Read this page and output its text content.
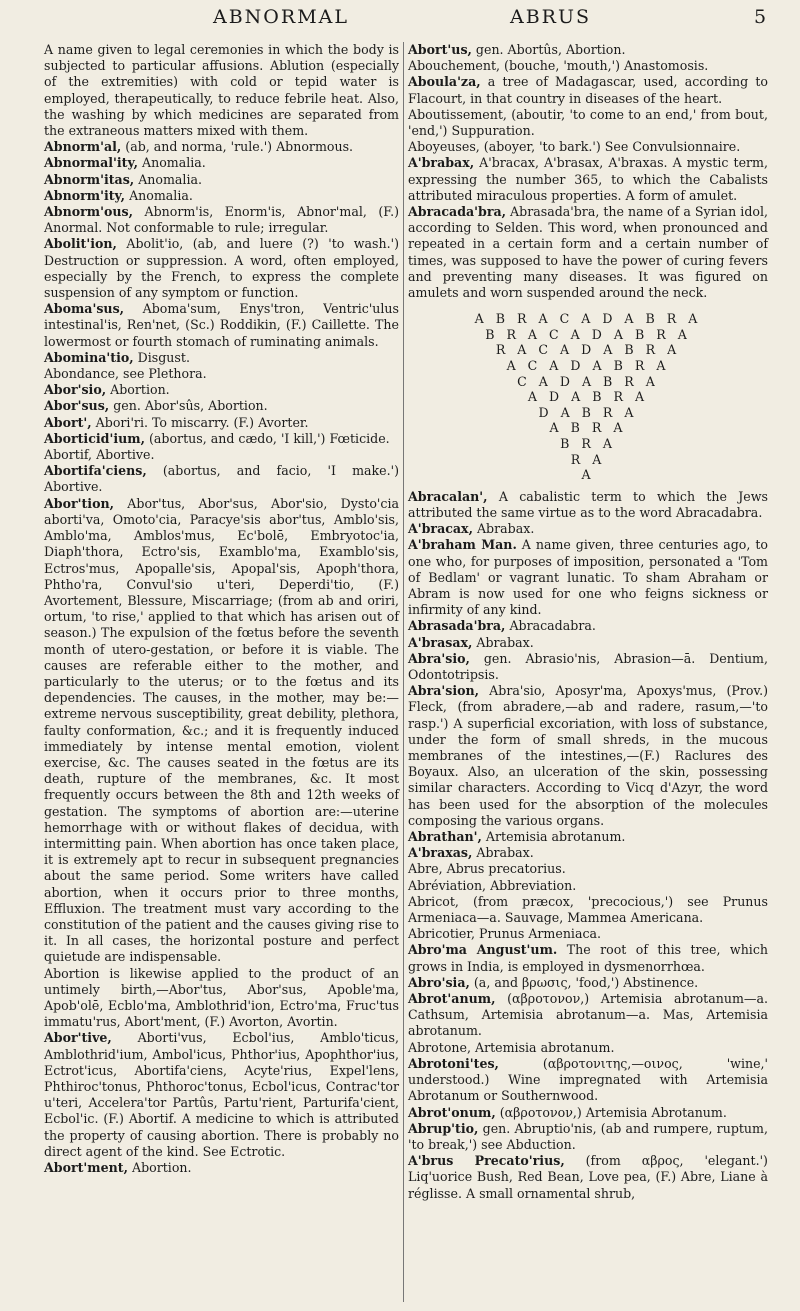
ABNORMAL	ABRUS	5

A name given to legal ceremonies in which the body is subjected to particular affusions. Ablution (especially of the extremities) with cold or tepid water is employed, therapeutically, to reduce febrile heat. Also, the washing by which medicines are separated from the extraneous matters mixed with them.

Abnorm'al, (ab, and norma, 'rule.') Abnormous.

Abnormal'ity, Anomalia.

Abnorm'itas, Anomalia.

Abnorm'ity, Anomalia.

Abnorm'ous, Abnorm'is, Enorm'is, Abnor'mal, (F.) Anormal. Not conformable to rule; irregular.

Abolit'ion, Abolit'io, (ab, and luere (?) 'to wash.') Destruction or suppression. A word, often employed, especially by the French, to express the complete suspension of any symptom or function.

Aboma'sus, Aboma'sum, Enys'tron, Ventric'ulus intestinal'is, Ren'net, (Sc.) Roddikin, (F.) Caillette. The lowermost or fourth stomach of ruminating animals.

Abomina'tio, Disgust.

Abondance, see Plethora.

Abor'sio, Abortion.

Abor'sus, gen. Abor'sûs, Abortion.

Abort', Abori'ri. To miscarry. (F.) Avorter.

Aborticid'ium, (abortus, and cædo, 'I kill,') Fœticide.

Abortif, Abortive.

Abortifa'ciens, (abortus, and facio, 'I make.') Abortive.

Abor'tion, Abor'tus, Abor'sus, Abor'sio, Dysto'cia aborti'va, Omoto'cia, Paracye'sis abor'tus, Amblo'sis, Amblo'ma, Amblos'mus, Ec'bolē, Embryotoc'ia, Diaph'thora, Ectro'sis, Examblo'ma, Examblo'sis, Ectros'mus, Apopalle'sis, Apopal'sis, Apoph'thora, Phtho'ra, Convul'sio u'teri, Deperdi'tio, (F.) Avortement, Blessure, Miscarriage; (from ab and oriri, ortum, 'to rise,' applied to that which has arisen out of season.) The expulsion of the fœtus before the seventh month of utero-gestation, or before it is viable. The causes are referable either to the mother, and particularly to the uterus; or to the fœtus and its dependencies. The causes, in the mother, may be:—extreme nervous susceptibility, great debility, plethora, faulty conformation, &c.; and it is frequently induced immediately by intense mental emotion, violent exercise, &c. The causes seated in the fœtus are its death, rupture of the membranes, &c. It most frequently occurs between the 8th and 12th weeks of gestation. The symptoms of abortion are:—uterine hemorrhage with or without flakes of decidua, with intermitting pain. When abortion has once taken place, it is extremely apt to recur in subsequent pregnancies about the same period. Some writers have called abortion, when it occurs prior to three months, Effluxion. The treatment must vary according to the constitution of the patient and the causes giving rise to it. In all cases, the horizontal posture and perfect quietude are indispensable.

Abortion is likewise applied to the product of an untimely birth,—Abor'tus, Abor'sus, Apoble'ma, Apob'olē, Ecblo'ma, Amblothrid'ion, Ectro'ma, Fruc'tus immatu'rus, Abort'ment, (F.) Avorton, Avortin.

Abor'tive, Aborti'vus, Ecbol'ius, Amblo'ticus, Amblothrid'ium, Ambol'icus, Phthor'ius, Apophthor'ius, Ectrot'icus, Abortifa'ciens, Acyte'rius, Expel'lens, Phthiroc'tonus, Phthoroc'tonus, Ecbol'icus, Contrac'tor u'teri, Accelera'tor Partûs, Partu'rient, Parturifa'cient, Ecbol'ic. (F.) Abortif. A medicine to which is attributed the property of causing abortion. There is probably no direct agent of the kind. See Ectrotic.

Abort'ment, Abortion.

Abort'us, gen. Abortûs, Abortion.

Abouchement, (bouche, 'mouth,') Anastomosis.

Aboula'za, a tree of Madagascar, used, according to Flacourt, in that country in diseases of the heart.

Aboutissement, (aboutir, 'to come to an end,' from bout, 'end,') Suppuration.

Aboyeuses, (aboyer, 'to bark.') See Convulsionnaire.

A'brabax, A'bracax, A'brasax, A'braxas. A mystic term, expressing the number 365, to which the Cabalists attributed miraculous properties. A form of amulet.

Abracada'bra, Abrasada'bra, the name of a Syrian idol, according to Selden. This word, when pronounced and repeated in a certain form and a certain number of times, was supposed to have the power of curing fevers and preventing many diseases. It was figured on amulets and worn suspended around the neck.

A B R A C A D A B R A
B R A C A D A B R A
R A C A D A B R A
A C A D A B R A
C A D A B R A
A D A B R A
D A B R A
A B R A
B R A
R A
A

Abracalan', A cabalistic term to which the Jews attributed the same virtue as to the word Abracadabra.

A'bracax, Abrabax.

A'braham Man. A name given, three centuries ago, to one who, for purposes of imposition, personated a 'Tom of Bedlam' or vagrant lunatic. To sham Abraham or Abram is now used for one who feigns sickness or infirmity of any kind.

Abrasada'bra, Abracadabra.

A'brasax, Abrabax.

Abra'sio, gen. Abrasio'nis, Abrasion—ā. Dentium, Odontotripsis.

Abra'sion, Abra'sio, Aposyr'ma, Apoxys'mus, (Prov.) Fleck, (from abradere,—ab and radere, rasum,—'to rasp.') A superficial excoriation, with loss of substance, under the form of small shreds, in the mucous membranes of the intestines,—(F.) Raclures des Boyaux. Also, an ulceration of the skin, possessing similar characters. According to Vicq d'Azyr, the word has been used for the absorption of the molecules composing the various organs.

Abrathan', Artemisia abrotanum.

A'braxas, Abrabax.

Abre, Abrus precatorius.

Abréviation, Abbreviation.

Abricot, (from præcox, 'precocious,') see Prunus Armeniaca—a. Sauvage, Mammea Americana.

Abricotier, Prunus Armeniaca.

Abro'ma Angust'um. The root of this tree, which grows in India, is employed in dysmenorrhœa.

Abro'sia, (a, and βρωσις, 'food,') Abstinence.

Abrot'anum, (αβροτονον,) Artemisia abrotanum—a. Cathsum, Artemisia abrotanum—a. Mas, Artemisia abrotanum.

Abrotone, Artemisia abrotanum.

Abrotoni'tes, (αβροτονιτης,—οινος, 'wine,' understood.) Wine impregnated with Artemisia Abrotanum or Southernwood.

Abrot'onum, (αβροτονον,) Artemisia Abrotanum.

Abrup'tio, gen. Abruptio'nis, (ab and rumpere, ruptum, 'to break,') see Abduction.

A'brus Precato'rius, (from αβρος, 'elegant.') Liq'uorice Bush, Red Bean, Love pea, (F.) Abre, Liane à réglisse. A small ornamental shrub,
